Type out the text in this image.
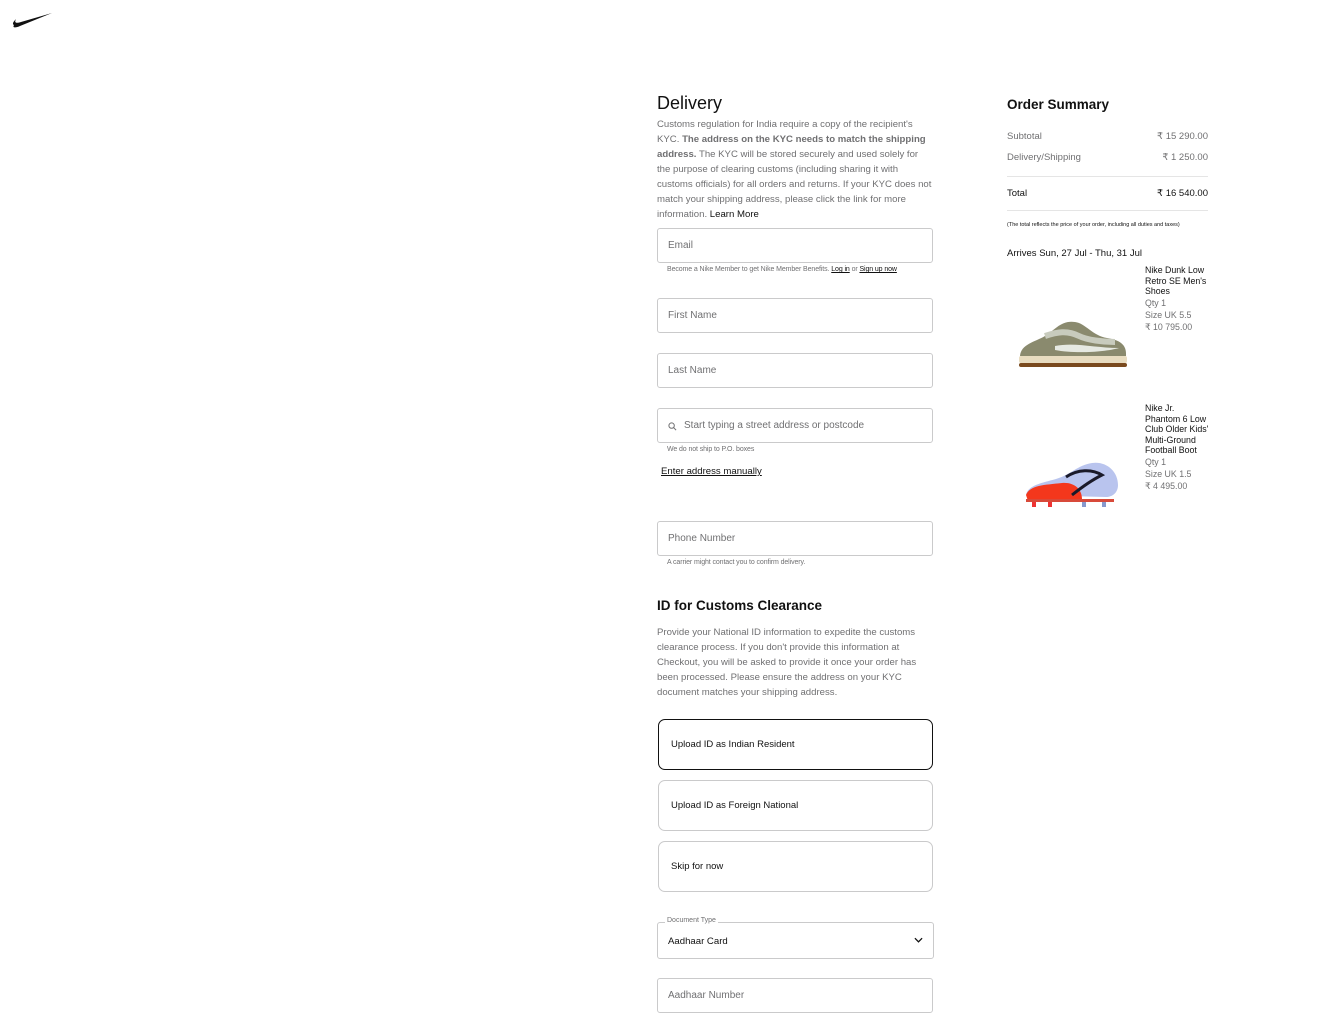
Delivery

Customs regulation for India require a copy of the recipient's KYC. The address on the KYC needs to match the shipping address. The KYC will be stored securely and used solely for the purpose of clearing customs (including sharing it with customs officials) for all orders and returns. If your KYC does not match your shipping address, please click the link for more information. Learn More

Email
Become a Nike Member to get Nike Member Benefits. Log in or Sign up now
First Name
Last Name
Start typing a street address or postcode
We do not ship to P.O. boxes
Enter address manually
Phone Number
A carrier might contact you to confirm delivery.
ID for Customs Clearance

Provide your National ID information to expedite the customs clearance process. If you don't provide this information at Checkout, you will be asked to provide it once your order has been processed. Please ensure the address on your KYC document matches your shipping address.

Upload ID as Indian Resident
Upload ID as Foreign National
Skip for now
Aadhaar Card
Document Type
Aadhaar Number
Order Summary
Subtotal	₹ 15 290.00
Delivery/Shipping	₹ 1 250.00
Total	₹ 16 540.00
(The total reflects the price of your order, including all duties and taxes)
Arrives Sun, 27 Jul - Thu, 31 Jul
Nike Dunk Low Retro SE Men's Shoes
Qty 1
Size UK 5.5
₹ 10 795.00
Nike Jr. Phantom 6 Low Club Older Kids' Multi-Ground Football Boot
Qty 1
Size UK 1.5
₹ 4 495.00
